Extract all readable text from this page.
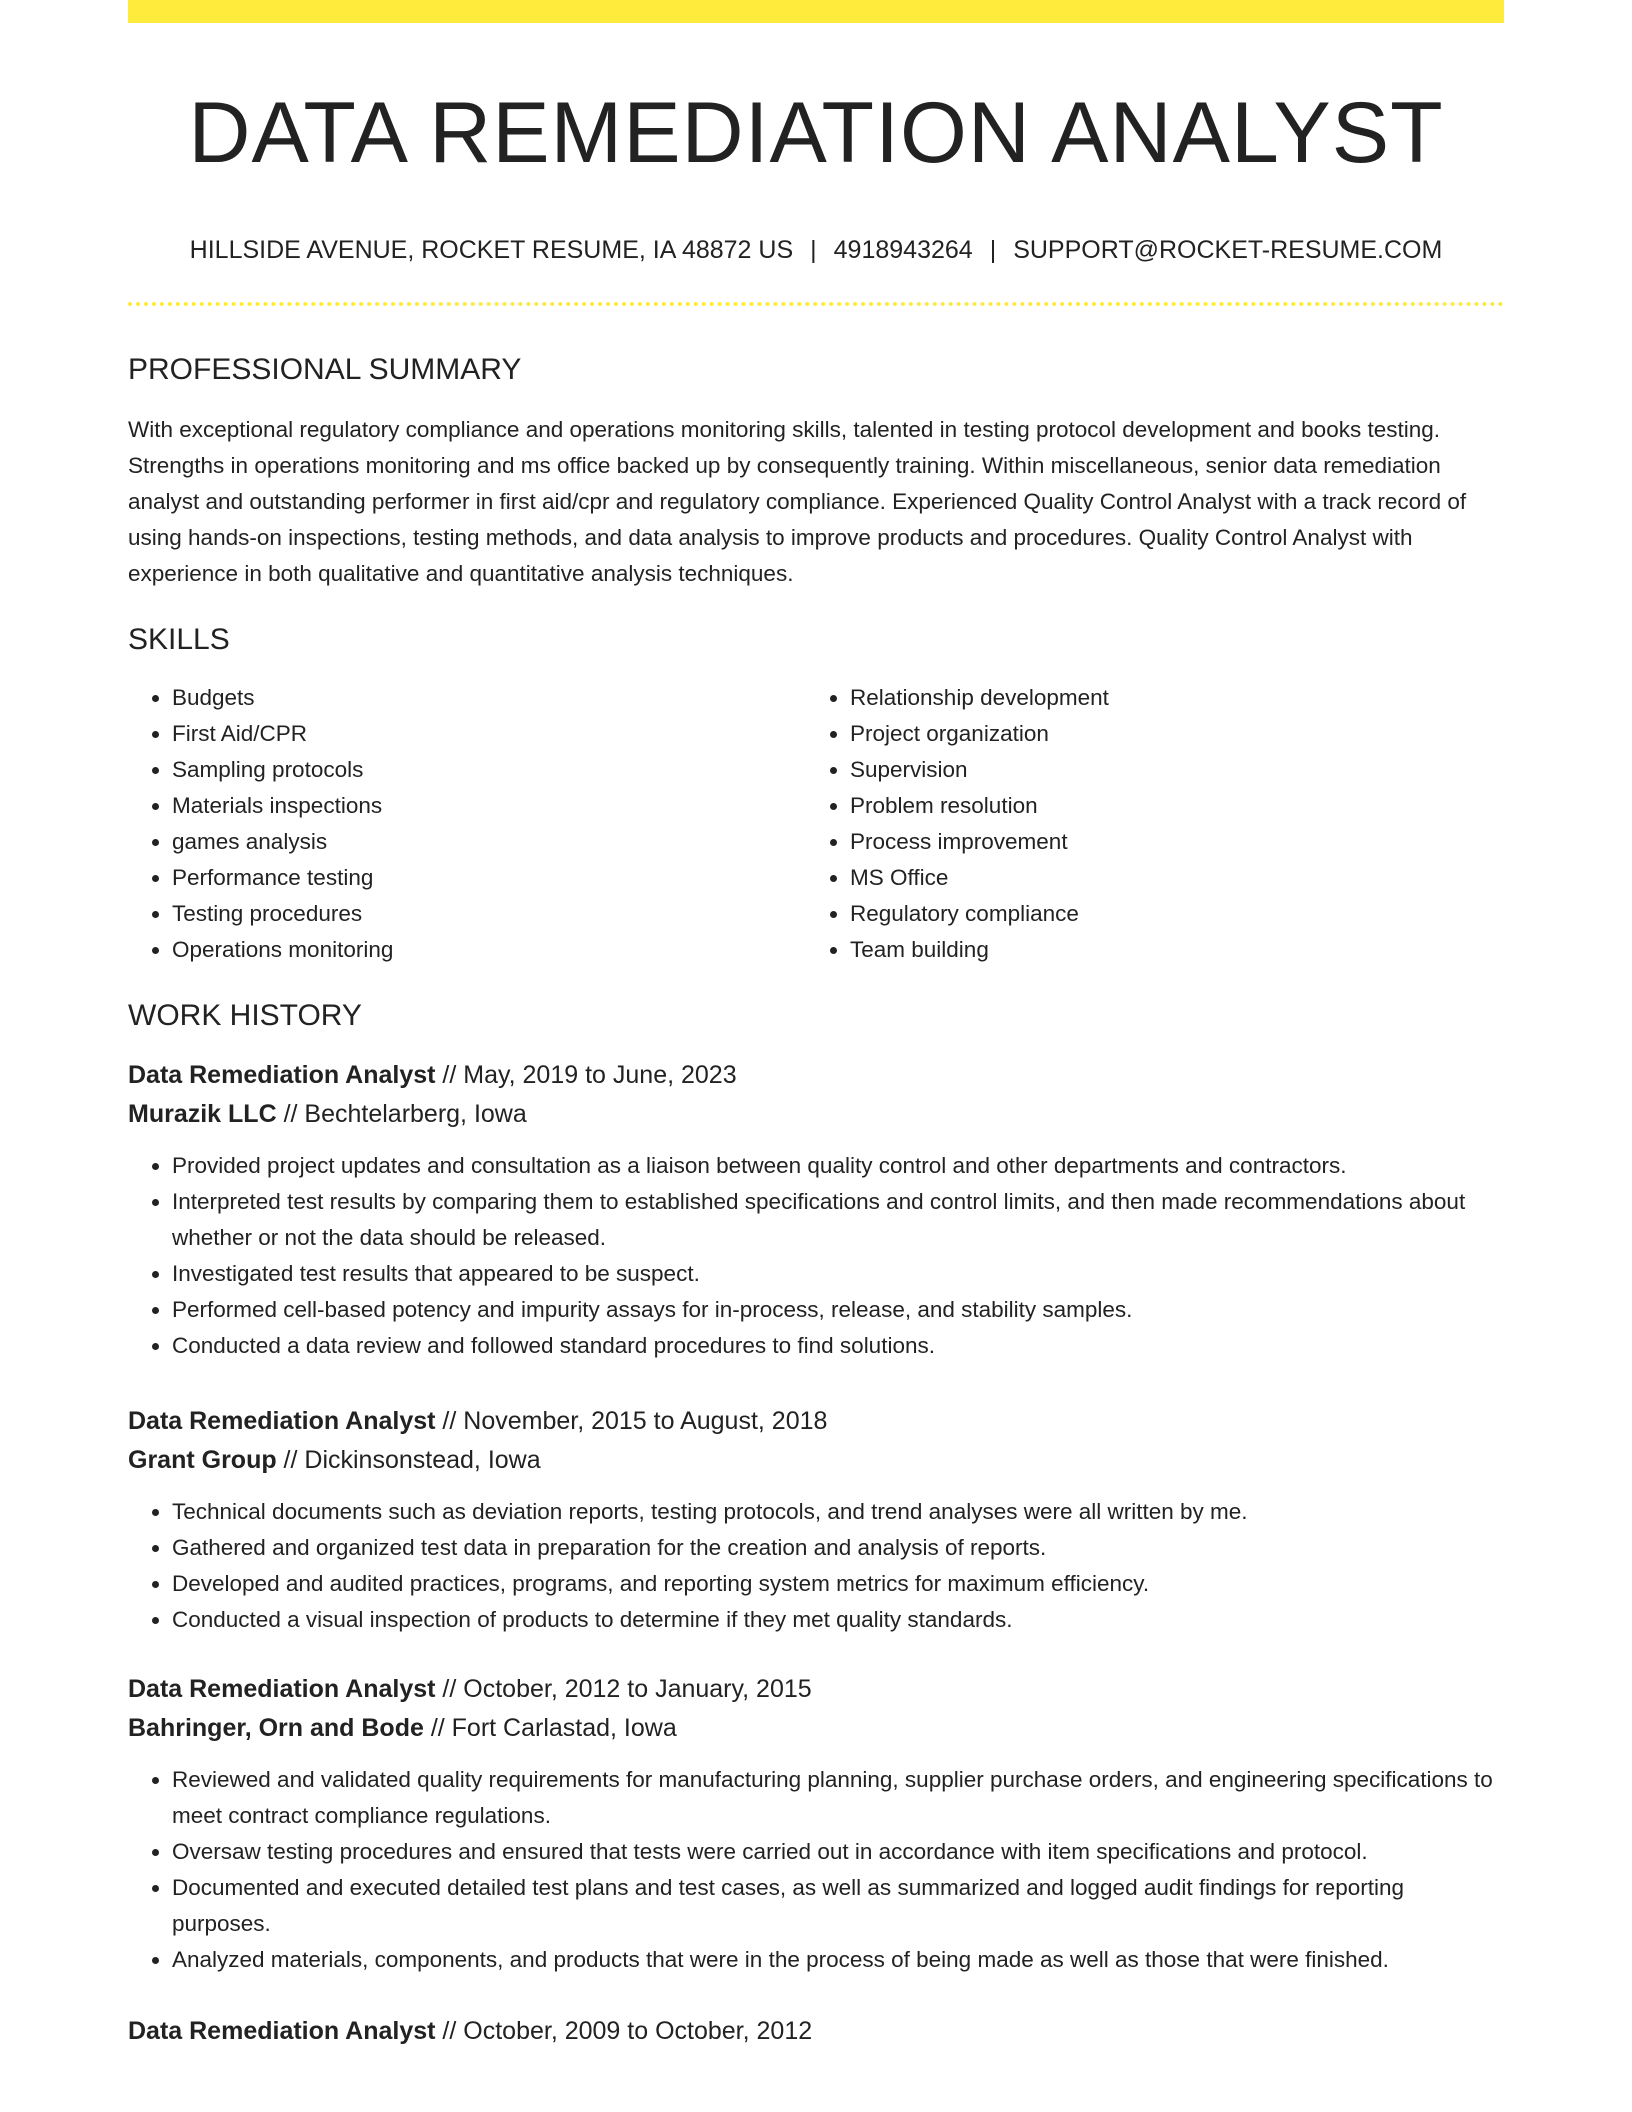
DATA REMEDIATION ANALYST
HILLSIDE AVENUE, ROCKET RESUME, IA 48872 US | 4918943264 | SUPPORT@ROCKET-RESUME.COM
PROFESSIONAL SUMMARY
With exceptional regulatory compliance and operations monitoring skills, talented in testing protocol development and books testing. Strengths in operations monitoring and ms office backed up by consequently training. Within miscellaneous, senior data remediation analyst and outstanding performer in first aid/cpr and regulatory compliance. Experienced Quality Control Analyst with a track record of using hands-on inspections, testing methods, and data analysis to improve products and procedures. Quality Control Analyst with experience in both qualitative and quantitative analysis techniques.
SKILLS
• Budgets
• First Aid/CPR
• Sampling protocols
• Materials inspections
• games analysis
• Performance testing
• Testing procedures
• Operations monitoring
• Relationship development
• Project organization
• Supervision
• Problem resolution
• Process improvement
• MS Office
• Regulatory compliance
• Team building
WORK HISTORY
Data Remediation Analyst // May, 2019 to June, 2023
Murazik LLC // Bechtelarberg, Iowa
• Provided project updates and consultation as a liaison between quality control and other departments and contractors.
• Interpreted test results by comparing them to established specifications and control limits, and then made recommendations about whether or not the data should be released.
• Investigated test results that appeared to be suspect.
• Performed cell-based potency and impurity assays for in-process, release, and stability samples.
• Conducted a data review and followed standard procedures to find solutions.
Data Remediation Analyst // November, 2015 to August, 2018
Grant Group // Dickinsonstead, Iowa
• Technical documents such as deviation reports, testing protocols, and trend analyses were all written by me.
• Gathered and organized test data in preparation for the creation and analysis of reports.
• Developed and audited practices, programs, and reporting system metrics for maximum efficiency.
• Conducted a visual inspection of products to determine if they met quality standards.
Data Remediation Analyst // October, 2012 to January, 2015
Bahringer, Orn and Bode // Fort Carlastad, Iowa
• Reviewed and validated quality requirements for manufacturing planning, supplier purchase orders, and engineering specifications to meet contract compliance regulations.
• Oversaw testing procedures and ensured that tests were carried out in accordance with item specifications and protocol.
• Documented and executed detailed test plans and test cases, as well as summarized and logged audit findings for reporting purposes.
• Analyzed materials, components, and products that were in the process of being made as well as those that were finished.
Data Remediation Analyst // October, 2009 to October, 2012
